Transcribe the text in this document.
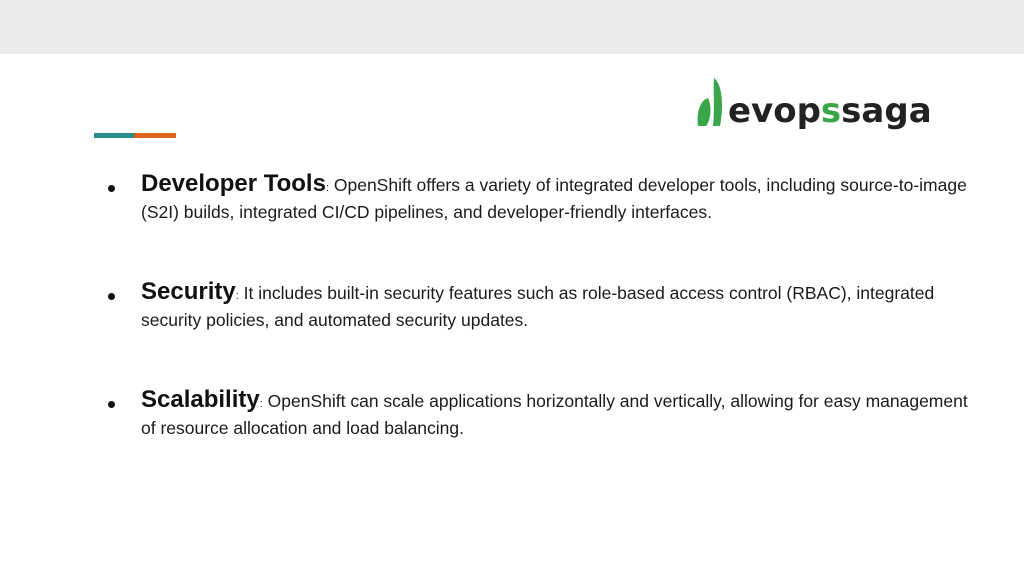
evopssaga
Developer Tools: OpenShift offers a variety of integrated developer tools, including source-to-image (S2I) builds, integrated CI/CD pipelines, and developer-friendly interfaces.
Security: It includes built-in security features such as role-based access control (RBAC), integrated security policies, and automated security updates.
Scalability: OpenShift can scale applications horizontally and vertically, allowing for easy management of resource allocation and load balancing.
